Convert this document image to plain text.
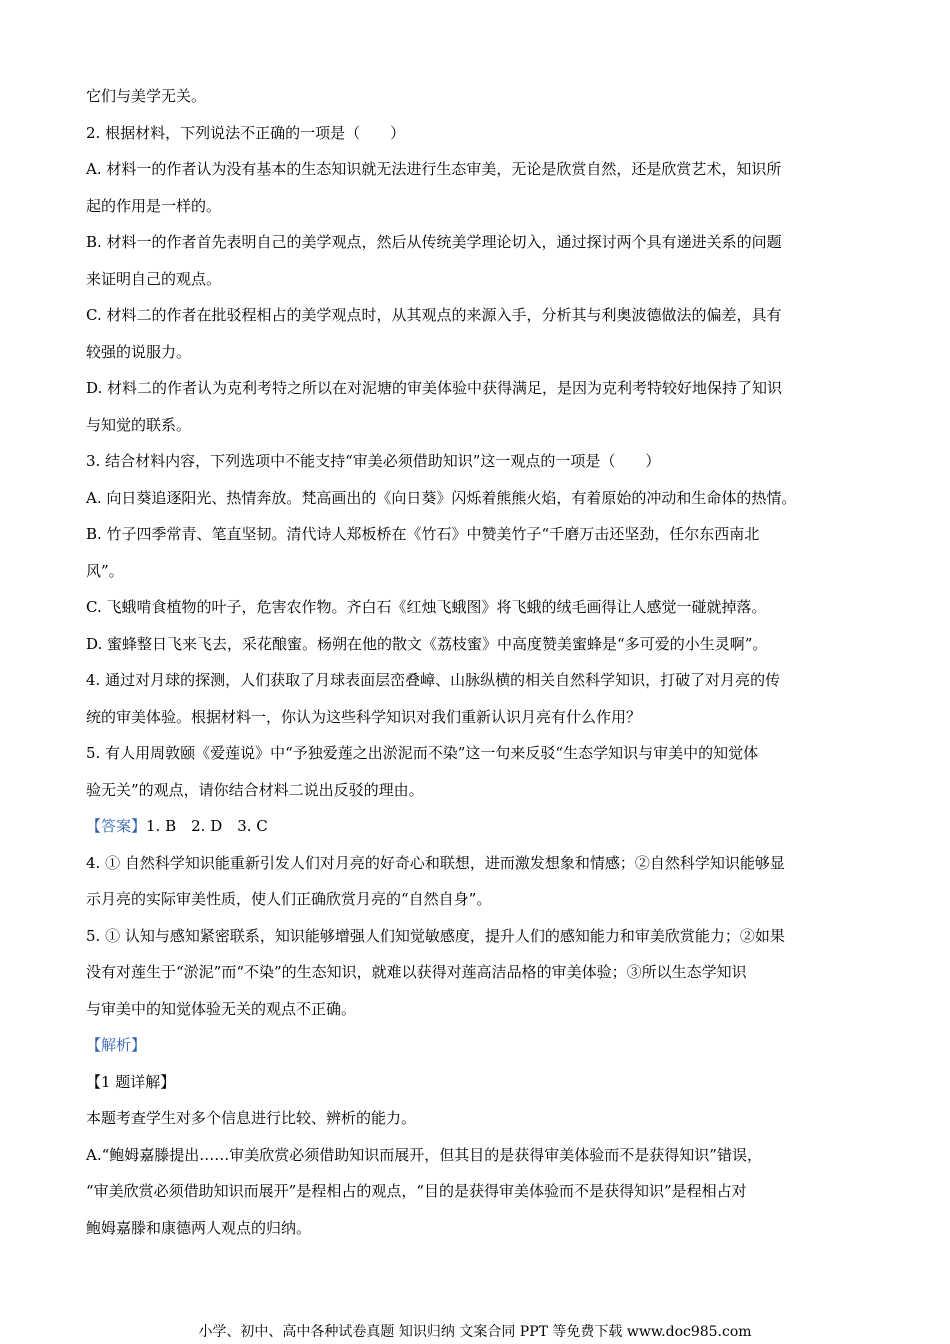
它们与美学无关。
2. 根据材料，下列说法不正确的一项是（　　）
A. 材料一的作者认为没有基本的生态知识就无法进行生态审美，无论是欣赏自然，还是欣赏艺术，知识所
起的作用是一样的。
B. 材料一的作者首先表明自己的美学观点，然后从传统美学理论切入，通过探讨两个具有递进关系的问题
来证明自己的观点。
C. 材料二的作者在批驳程相占的美学观点时，从其观点的来源入手，分析其与利奥波德做法的偏差，具有
较强的说服力。
D. 材料二的作者认为克利考特之所以在对泥塘的审美体验中获得满足，是因为克利考特较好地保持了知识
与知觉的联系。
3. 结合材料内容，下列选项中不能支持“审美必须借助知识”这一观点的一项是（　　）
A. 向日葵追逐阳光、热情奔放。梵高画出的《向日葵》闪烁着熊熊火焰，有着原始的冲动和生命体的热情。
B. 竹子四季常青、笔直坚韧。清代诗人郑板桥在《竹石》中赞美竹子“千磨万击还坚劲，任尔东西南北
风”。
C. 飞蛾啃食植物的叶子，危害农作物。齐白石《红烛飞蛾图》将飞蛾的绒毛画得让人感觉一碰就掉落。
D. 蜜蜂整日飞来飞去，采花酿蜜。杨朔在他的散文《荔枝蜜》中高度赞美蜜蜂是“多可爱的小生灵啊”。
4. 通过对月球的探测，人们获取了月球表面层峦叠嶂、山脉纵横的相关自然科学知识，打破了对月亮的传
统的审美体验。根据材料一，你认为这些科学知识对我们重新认识月亮有什么作用？
5. 有人用周敦颐《爱莲说》中“予独爱莲之出淤泥而不染”这一句来反驳“生态学知识与审美中的知觉体
验无关”的观点，请你结合材料二说出反驳的理由。
【答案】1. B　2. D　3. C
4. ① 自然科学知识能重新引发人们对月亮的好奇心和联想，进而激发想象和情感；②自然科学知识能够显
示月亮的实际审美性质，使人们正确欣赏月亮的“自然自身”。
5. ① 认知与感知紧密联系，知识能够增强人们知觉敏感度，提升人们的感知能力和审美欣赏能力；②如果
没有对莲生于“淤泥”而“不染”的生态知识，就难以获得对莲高洁品格的审美体验；③所以生态学知识
与审美中的知觉体验无关的观点不正确。
【解析】
【1 题详解】
本题考查学生对多个信息进行比较、辨析的能力。
A.“鲍姆嘉滕提出……审美欣赏必须借助知识而展开，但其目的是获得审美体验而不是获得知识”错误，
“审美欣赏必须借助知识而展开”是程相占的观点，“目的是获得审美体验而不是获得知识”是程相占对
鲍姆嘉滕和康德两人观点的归纳。
小学、初中、高中各种试卷真题 知识归纳 文案合同 PPT 等免费下载 www.doc985.com
